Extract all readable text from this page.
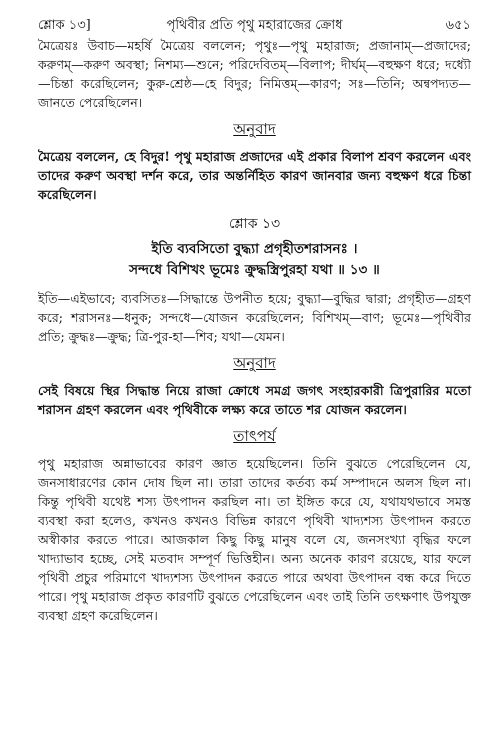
শ্লোক ১৩]	পৃথিবীর প্রতি পৃথু মহারাজের ক্রোধ	৬৫১

মৈত্রেয়ঃ উবাচ—মহর্ষি মৈত্রেয় বললেন; পৃথুঃ—পৃথু মহারাজ; প্রজানাম্—প্রজাদের; করুণম্—করুণ অবস্থা; নিশম্য—শুনে; পরিদেবিতম্—বিলাপ; দীর্ঘম্—বহুক্ষণ ধরে; দধ্যৌ—চিন্তা করেছিলেন; কুরু-শ্রেষ্ঠ—হে বিদুর; নিমিত্তম্—কারণ; সঃ—তিনি; অন্বপদ্যত—জানতে পেরেছিলেন।

অনুবাদ

মৈত্রেয় বললেন, হে বিদুর! পৃথু মহারাজ প্রজাদের এই প্রকার বিলাপ শ্রবণ করলেন এবং তাদের করুণ অবস্থা দর্শন করে, তার অন্তর্নিহিত কারণ জানবার জন্য বহুক্ষণ ধরে চিন্তা করেছিলেন।

শ্লোক ১৩
ইতি ব্যবসিতো বুদ্ধ্যা প্রগৃহীতশরাসনঃ ।
সন্দধে বিশিখং ভূমেঃ ক্রুদ্ধস্ত্রিপুরহা যথা ॥ ১৩ ॥

ইতি—এইভাবে; ব্যবসিতঃ—সিদ্ধান্তে উপনীত হয়ে; বুদ্ধ্যা—বুদ্ধির দ্বারা; প্রগৃহীত—গ্রহণ করে; শরাসনঃ—ধনুক; সন্দধে—যোজন করেছিলেন; বিশিখম্—বাণ; ভূমেঃ—পৃথিবীর প্রতি; ক্রুদ্ধঃ—ক্রুদ্ধ; ত্রি-পুর-হা—শিব; যথা—যেমন।

অনুবাদ

সেই বিষয়ে স্থির সিদ্ধান্ত নিয়ে রাজা ক্রোধে সমগ্র জগৎ সংহারকারী ত্রিপুরারির মতো শরাসন গ্রহণ করলেন এবং পৃথিবীকে লক্ষ্য করে তাতে শর যোজন করলেন।

তাৎপর্য

পৃথু মহারাজ অন্নাভাবের কারণ জ্ঞাত হয়েছিলেন। তিনি বুঝতে পেরেছিলেন যে, জনসাধারণের কোন দোষ ছিল না। তারা তাদের কর্তব্য কর্ম সম্পাদনে অলস ছিল না। কিন্তু পৃথিবী যথেষ্ট শস্য উৎপাদন করছিল না। তা ইঙ্গিত করে যে, যথাযথভাবে সমস্ত ব্যবস্থা করা হলেও, কখনও কখনও বিভিন্ন কারণে পৃথিবী খাদ্যশস্য উৎপাদন করতে অস্বীকার করতে পারে। আজকাল কিছু কিছু মানুষ বলে যে, জনসংখ্যা বৃদ্ধির ফলে খাদ্যাভাব হচ্ছে, সেই মতবাদ সম্পূর্ণ ভিত্তিহীন। অন্য অনেক কারণ রয়েছে, যার ফলে পৃথিবী প্রচুর পরিমাণে খাদ্যশস্য উৎপাদন করতে পারে অথবা উৎপাদন বন্ধ করে দিতে পারে। পৃথু মহারাজ প্রকৃত কারণটি বুঝতে পেরেছিলেন এবং তাই তিনি তৎক্ষণাৎ উপযুক্ত ব্যবস্থা গ্রহণ করেছিলেন।
